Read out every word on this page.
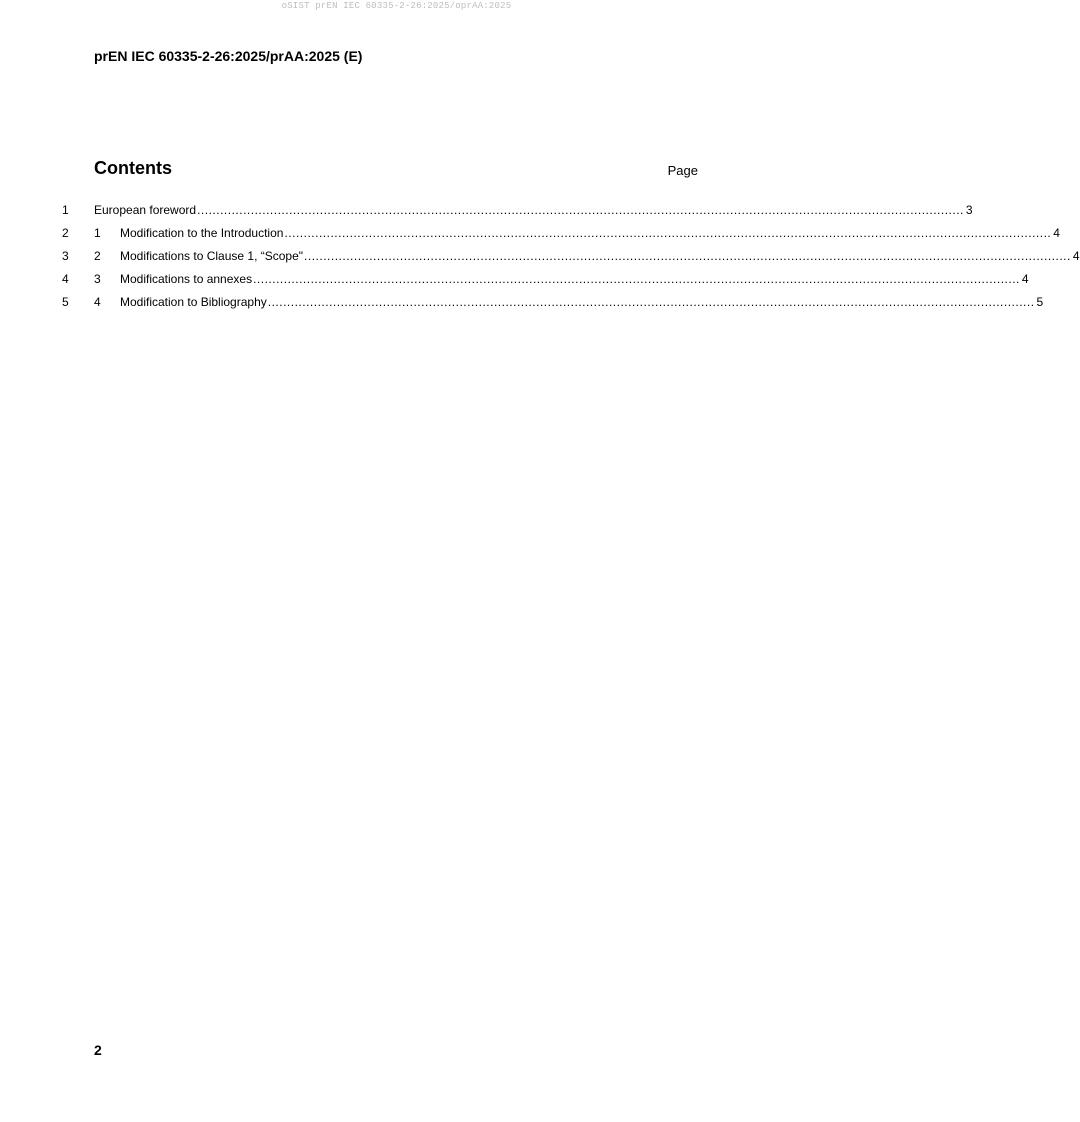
oSIST prEN IEC 60335-2-26:2025/oprAA:2025
prEN IEC 60335-2-26:2025/prAA:2025 (E)
Contents	Page
1	European foreword ........................................................................................................................................................................................................ 3
2	1	Modification to the Introduction ........................................................................................................................................................................................................ 4
3	2	Modifications to Clause 1, “Scope" ........................................................................................................................................................................................................ 4
4	3	Modifications to annexes ........................................................................................................................................................................................................ 4
5	4	Modification to Bibliography ........................................................................................................................................................................................................ 5
2
